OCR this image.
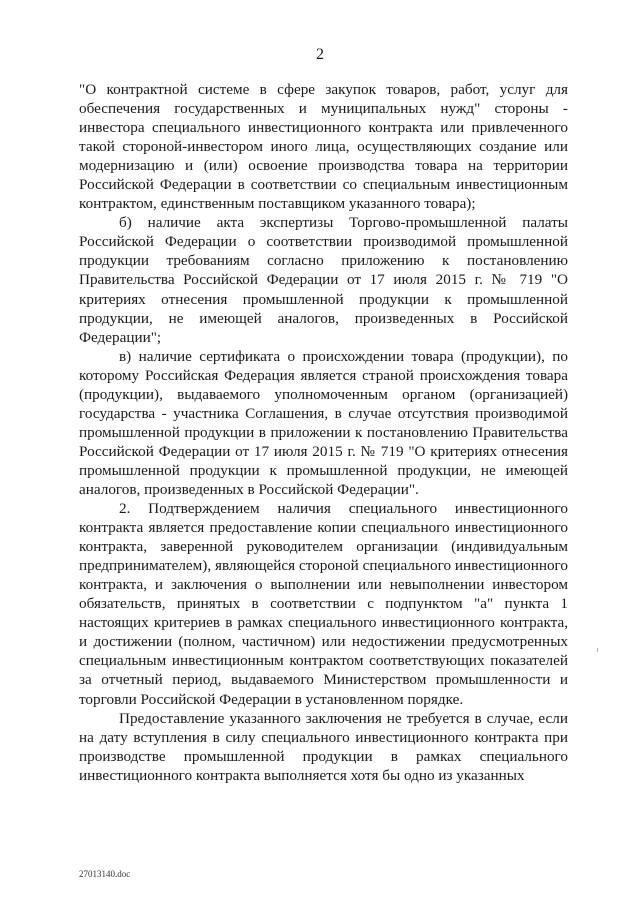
2

"О контрактной системе в сфере закупок товаров, работ, услуг для обеспечения государственных и муниципальных нужд" стороны - инвестора специального инвестиционного контракта или привлеченного такой стороной-инвестором иного лица, осуществляющих создание или модернизацию и (или) освоение производства товара на территории Российской Федерации в соответствии со специальным инвестиционным контрактом, единственным поставщиком указанного товара);

б) наличие акта экспертизы Торгово-промышленной палаты Российской Федерации о соответствии производимой промышленной продукции требованиям согласно приложению к постановлению Правительства Российской Федерации от 17 июля 2015 г. № 719 "О критериях отнесения промышленной продукции к промышленной продукции, не имеющей аналогов, произведенных в Российской Федерации";

в) наличие сертификата о происхождении товара (продукции), по которому Российская Федерация является страной происхождения товара (продукции), выдаваемого уполномоченным органом (организацией) государства - участника Соглашения, в случае отсутствия производимой промышленной продукции в приложении к постановлению Правительства Российской Федерации от 17 июля 2015 г. № 719 "О критериях отнесения промышленной продукции к промышленной продукции, не имеющей аналогов, произведенных в Российской Федерации".

2. Подтверждением наличия специального инвестиционного контракта является предоставление копии специального инвестиционного контракта, заверенной руководителем организации (индивидуальным предпринимателем), являющейся стороной специального инвестиционного контракта, и заключения о выполнении или невыполнении инвестором обязательств, принятых в соответствии с подпунктом "а" пункта 1 настоящих критериев в рамках специального инвестиционного контракта, и достижении (полном, частичном) или недостижении предусмотренных специальным инвестиционным контрактом соответствующих показателей за отчетный период, выдаваемого Министерством промышленности и торговли Российской Федерации в установленном порядке.

Предоставление указанного заключения не требуется в случае, если на дату вступления в силу специального инвестиционного контракта при производстве промышленной продукции в рамках специального инвестиционного контракта выполняется хотя бы одно из указанных

27013140.doc
